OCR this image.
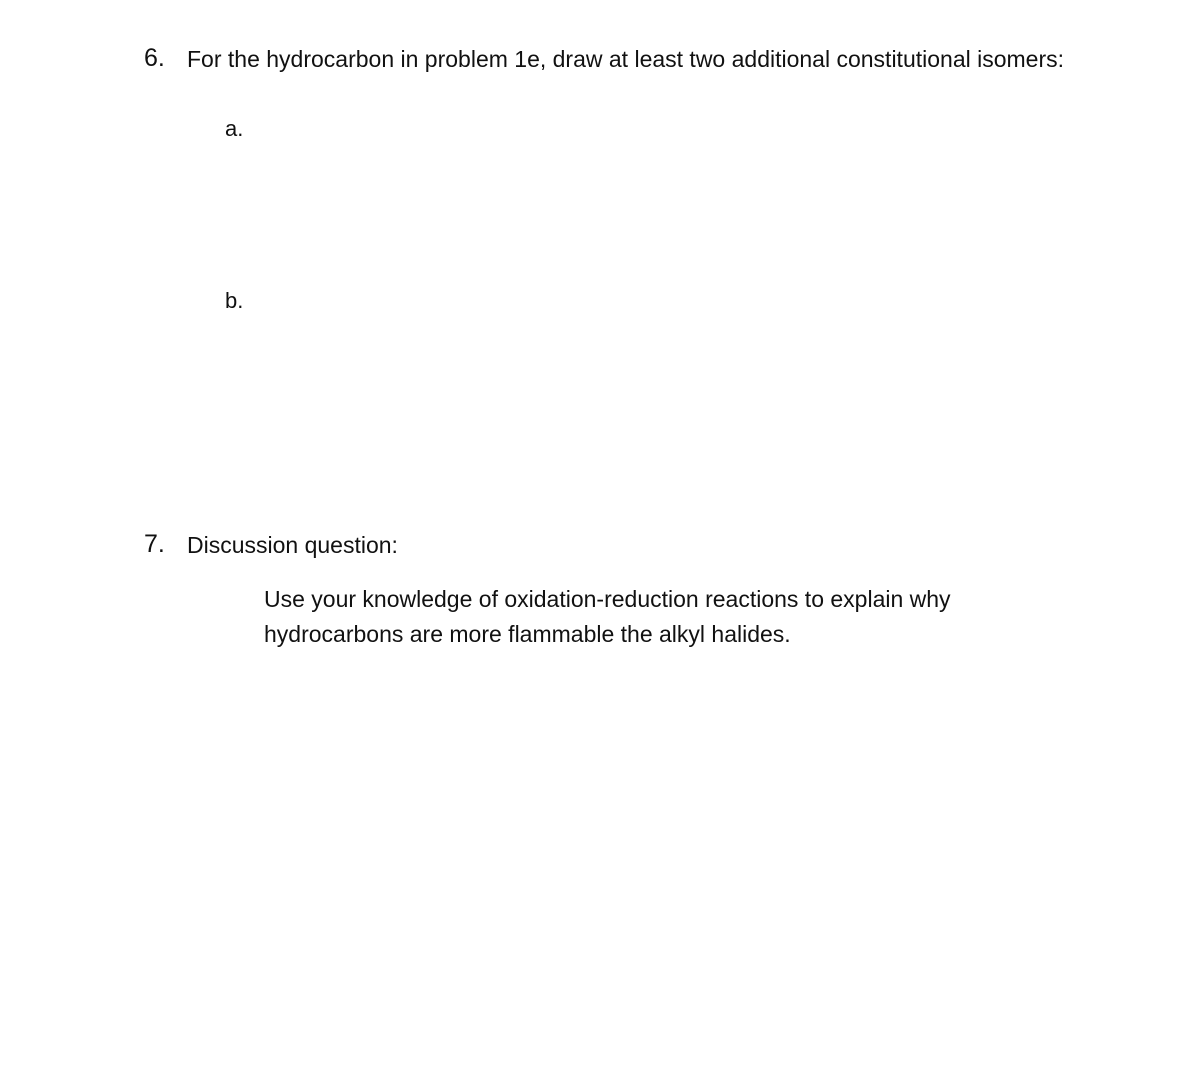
6. For the hydrocarbon in problem 1e, draw at least two additional constitutional isomers:
a.
b.
7. Discussion question:
Use your knowledge of oxidation-reduction reactions to explain why
hydrocarbons are more flammable the alkyl halides.
